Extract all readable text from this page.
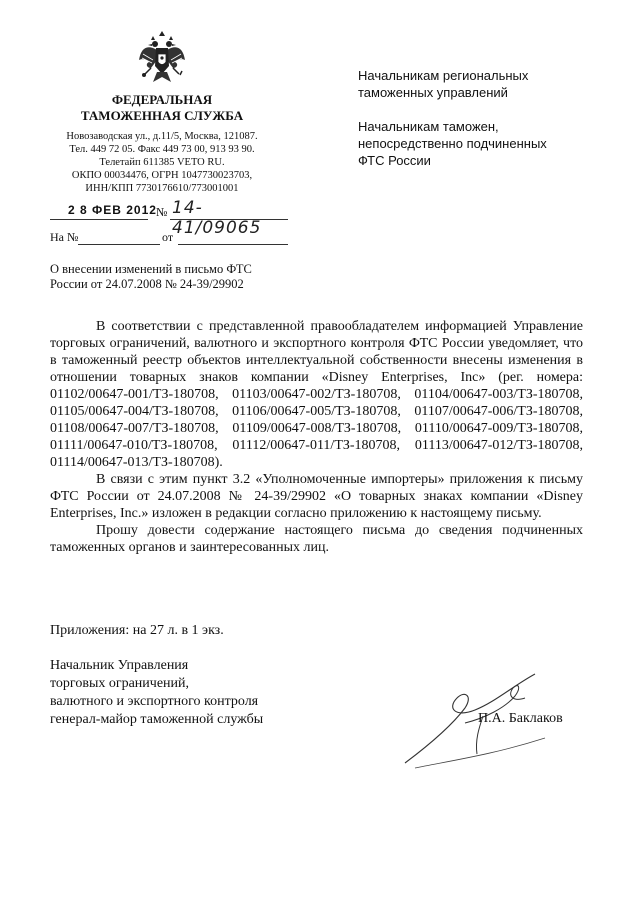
ФЕДЕРАЛЬНАЯ
ТАМОЖЕННАЯ СЛУЖБА
Новозаводская ул., д.11/5, Москва, 121087.
Тел. 449 72 05. Факс 449 73 00, 913 93 90.
Телетайп 611385 VETO RU.
ОКПО 00034476, ОГРН 1047730023703,
ИНН/КПП 7730176610/773001001
2 8 ФЕВ 2012 № 14-41/09065
На №	от
О внесении изменений в письмо ФТС
России от 24.07.2008 № 24-39/29902

Начальникам региональных
таможенных управлений

Начальникам таможен,
непосредственно подчиненных
ФТС России

В соответствии с представленной правообладателем информацией Управление торговых ограничений, валютного и экспортного контроля ФТС России уведомляет, что в таможенный реестр объектов интеллектуальной собственности внесены изменения в отношении товарных знаков компании «Disney Enterprises, Inc» (рег. номера: 01102/00647-001/ТЗ-180708, 01103/00647-002/ТЗ-180708, 01104/00647-003/ТЗ-180708, 01105/00647-004/ТЗ-180708, 01106/00647-005/ТЗ-180708, 01107/00647-006/ТЗ-180708, 01108/00647-007/ТЗ-180708, 01109/00647-008/ТЗ-180708, 01110/00647-009/ТЗ-180708, 01111/00647-010/ТЗ-180708, 01112/00647-011/ТЗ-180708, 01113/00647-012/ТЗ-180708, 01114/00647-013/ТЗ-180708).

В связи с этим пункт 3.2 «Уполномоченные импортеры» приложения к письму ФТС России от 24.07.2008 № 24-39/29902 «О товарных знаках компании «Disney Enterprises, Inc.» изложен в редакции согласно приложению к настоящему письму.

Прошу довести содержание настоящего письма до сведения подчиненных таможенных органов и заинтересованных лиц.

Приложения: на 27 л. в 1 экз.
Начальник Управления
торговых ограничений,
валютного и экспортного контроля
генерал-майор таможенной службы	П.А. Баклаков
